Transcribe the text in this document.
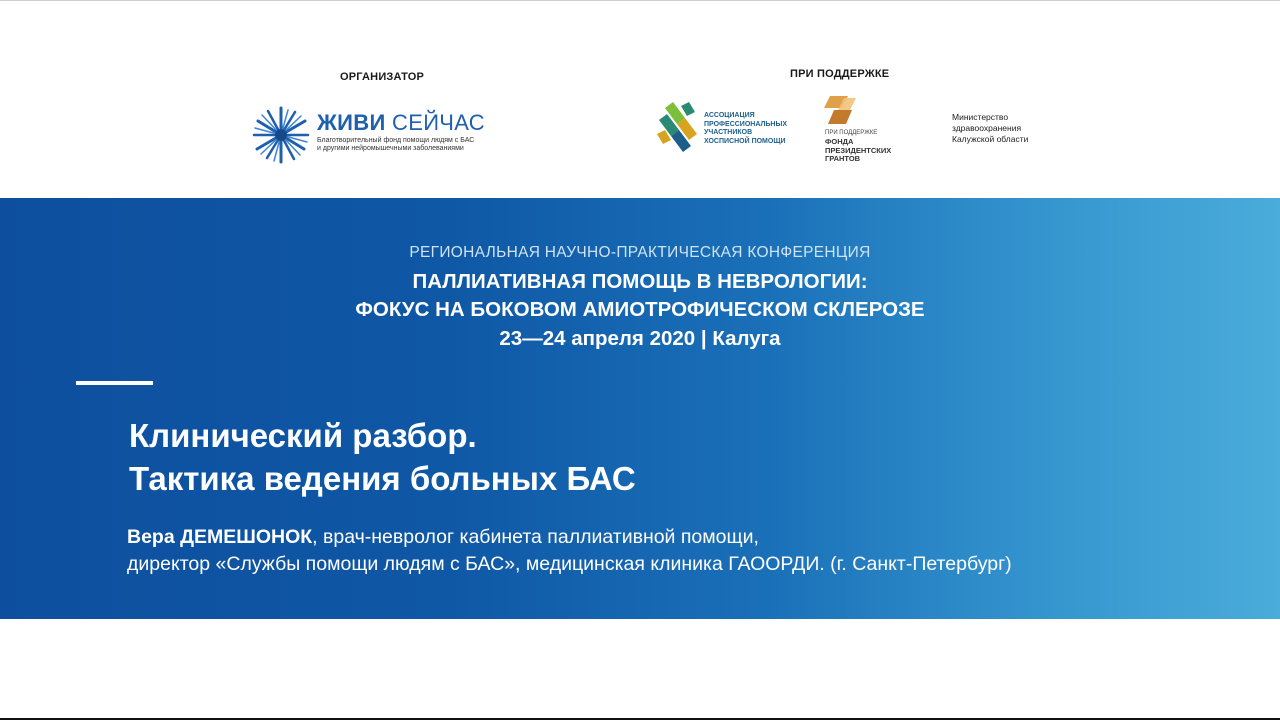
ОРГАНИЗАТОР	ПРИ ПОДДЕРЖКЕ
ЖИВИ СЕЙЧАС
Благотворительный фонд помощи людям с БАС
и другими нейромышечными заболеваниями
АССОЦИАЦИЯ
ПРОФЕССИОНАЛЬНЫХ
УЧАСТНИКОВ
ХОСПИСНОЙ ПОМОЩИ
ПРИ ПОДДЕРЖКЕ
ФОНДА
ПРЕЗИДЕНТСКИХ
ГРАНТОВ
Министерство
здравоохранения
Калужской области
РЕГИОНАЛЬНАЯ НАУЧНО-ПРАКТИЧЕСКАЯ КОНФЕРЕНЦИЯ
ПАЛЛИАТИВНАЯ ПОМОЩЬ В НЕВРОЛОГИИ:
ФОКУС НА БОКОВОМ АМИОТРОФИЧЕСКОМ СКЛЕРОЗЕ
23—24 апреля 2020 | Калуга
Клинический разбор.
Тактика ведения больных БАС
Вера ДЕМЕШОНОК, врач-невролог кабинета паллиативной помощи,
директор «Службы помощи людям с БАС», медицинская клиника ГАООРДИ. (г. Санкт-Петербург)
